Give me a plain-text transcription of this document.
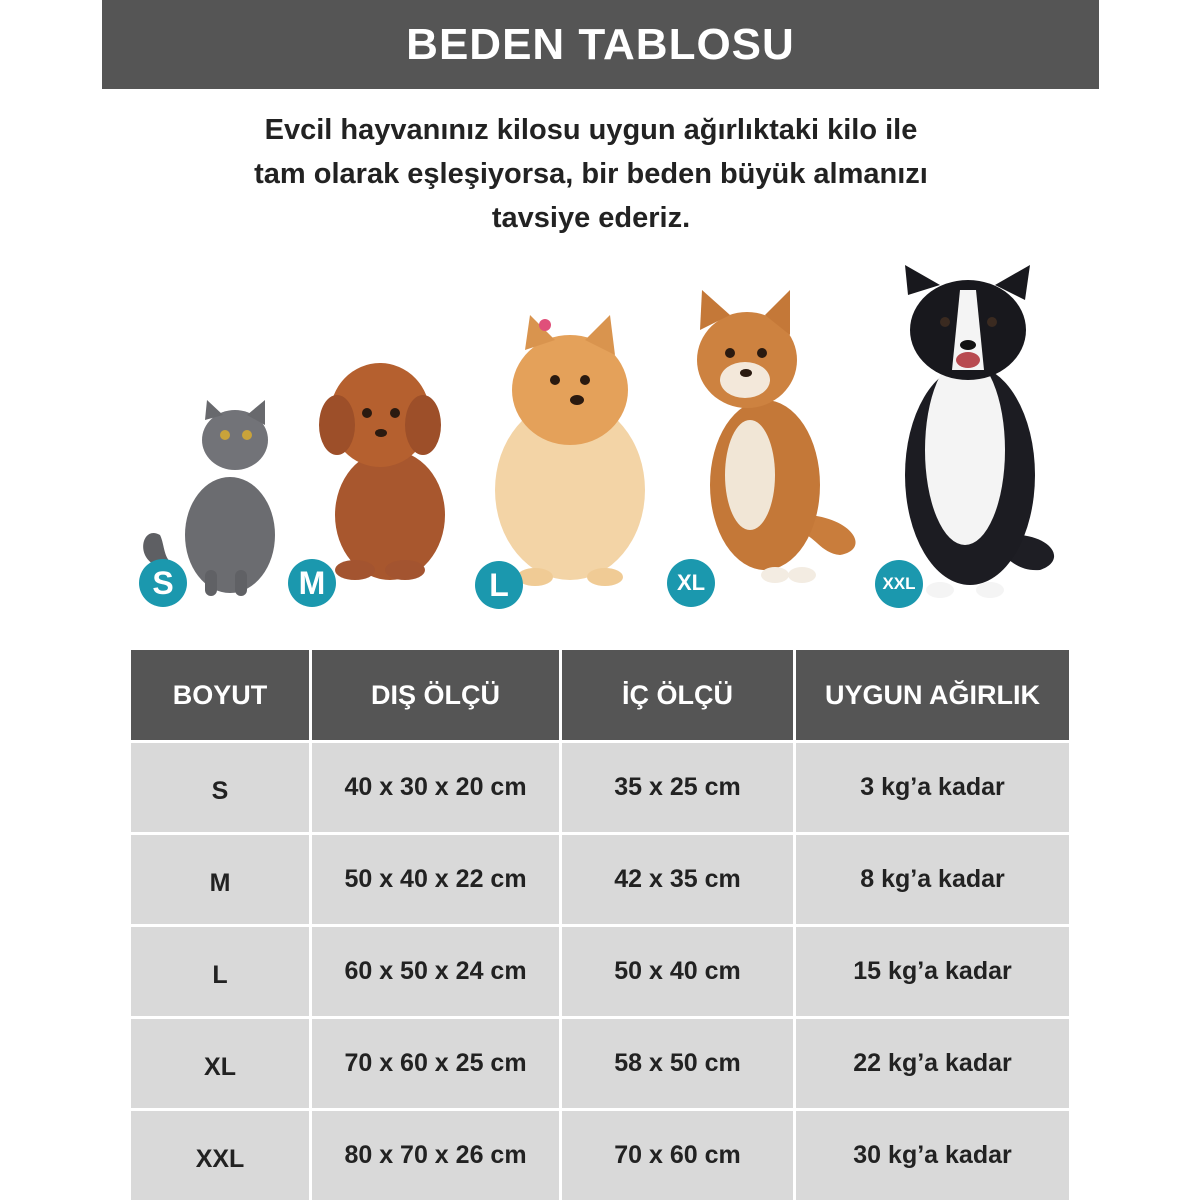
BEDEN TABLOSU
Evcil hayvanınız kilosu uygun ağırlıktaki kilo ile
tam olarak eşleşiyorsa, bir beden büyük almanızı
tavsiye ederiz.
S	M	L	XL	XXL
BOYUT	DIŞ ÖLÇÜ	İÇ ÖLÇÜ	UYGUN AĞIRLIK
S	40 x 30 x 20 cm	35 x 25 cm	3 kg’a kadar
M	50 x 40 x 22 cm	42 x 35 cm	8 kg’a kadar
L	60 x 50 x 24 cm	50 x 40 cm	15 kg’a kadar
XL	70 x 60 x 25 cm	58 x 50 cm	22 kg’a kadar
XXL	80 x 70 x 26 cm	70 x 60 cm	30 kg’a kadar
